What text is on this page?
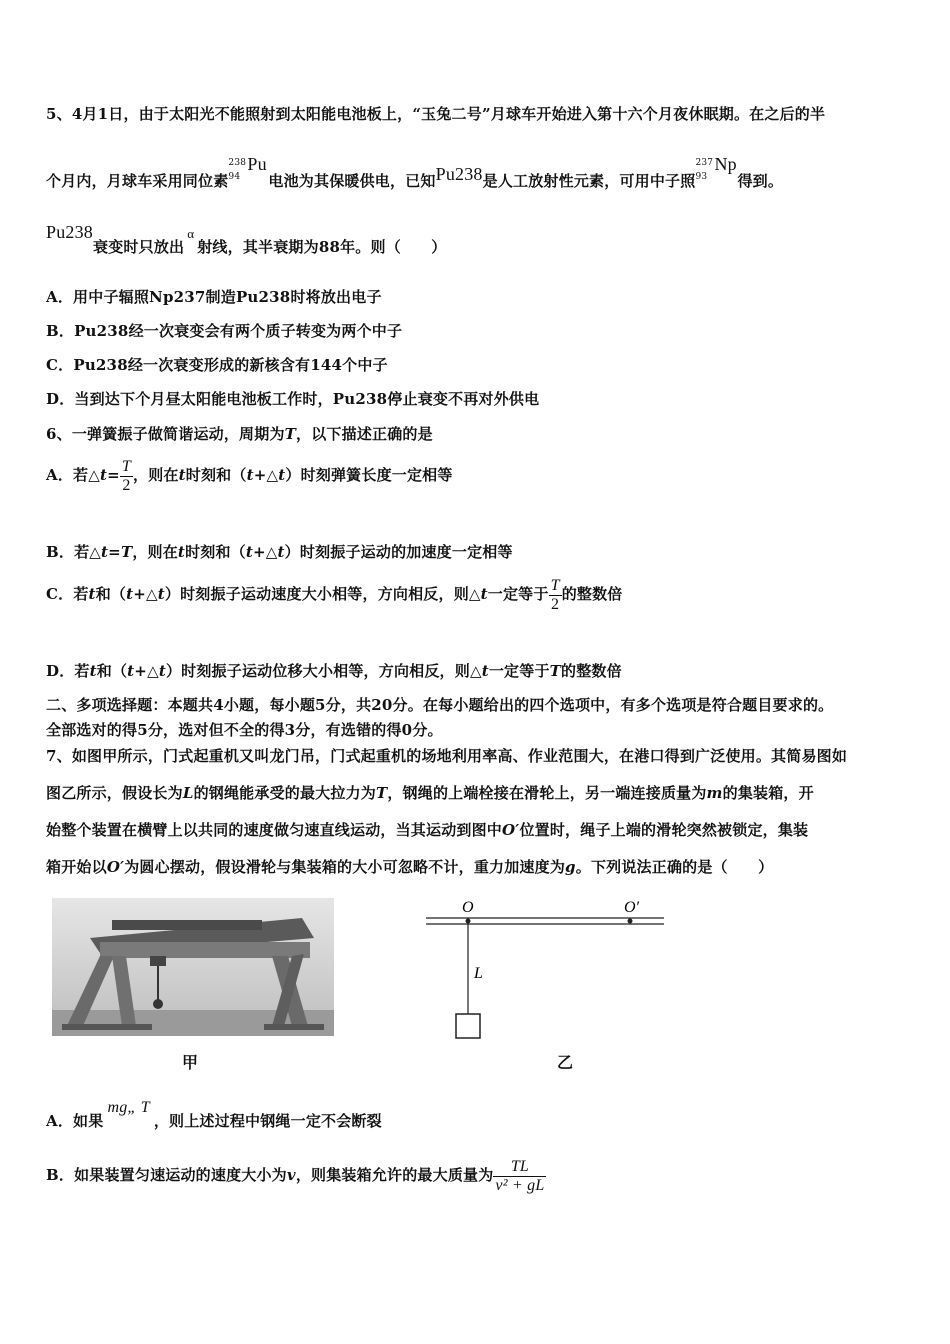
5、4月1日，由于太阳光不能照射到太阳能电池板上，“玉兔二号”月球车开始进入第十六个月夜休眠期。在之后的半
个月内，月球车采用同位素
238
94
Pu
电池为其保暖供电，已知Pu238是人工放射性元素，可用中子照
237
93
Np
得到。
Pu238衰变时只放出α射线，其半衰期为88年。则（　　）
A．用中子辐照Np237制造Pu238时将放出电子
B．Pu238经一次衰变会有两个质子转变为两个中子
C．Pu238经一次衰变形成的新核含有144个中子
D．当到达下个月昼太阳能电池板工作时，Pu238停止衰变不再对外供电
6、一弹簧振子做简谐运动，周期为T，以下描述正确的是
A．若△t= $\frac{T}{2}$ ，则在t时刻和（t+△t）时刻弹簧长度一定相等
B．若△t=T，则在t时刻和（t+△t）时刻振子运动的加速度一定相等
C．若t和（t+△t）时刻振子运动速度大小相等，方向相反，则△t一定等于 $\frac{T}{2}$ 的整数倍
D．若t和（t+△t）时刻振子运动位移大小相等，方向相反，则△t一定等于T的整数倍
二、多项选择题：本题共4小题，每小题5分，共20分。在每小题给出的四个选项中，有多个选项是符合题目要求的。
全部选对的得5分，选对但不全的得3分，有选错的得0分。
7、如图甲所示，门式起重机又叫龙门吊，门式起重机的场地利用率高、作业范围大，在港口得到广泛使用。其简易图如
图乙所示，假设长为L的钢绳能承受的最大拉力为T，钢绳的上端栓接在滑轮上，另一端连接质量为m的集装箱，开
始整个装置在横臂上以共同的速度做匀速直线运动，当其运动到图中O′位置时，绳子上端的滑轮突然被锁定，集装
箱开始以O′为圆心摆动，假设滑轮与集装箱的大小可忽略不计，重力加速度为g。下列说法正确的是（　　）
甲
O	O′
L
乙
A．如果mg„ T，则上述过程中钢绳一定不会断裂
B．如果装置匀速运动的速度大小为v，则集装箱允许的最大质量为 $\frac{TL}{\text{v² + gL}}$
